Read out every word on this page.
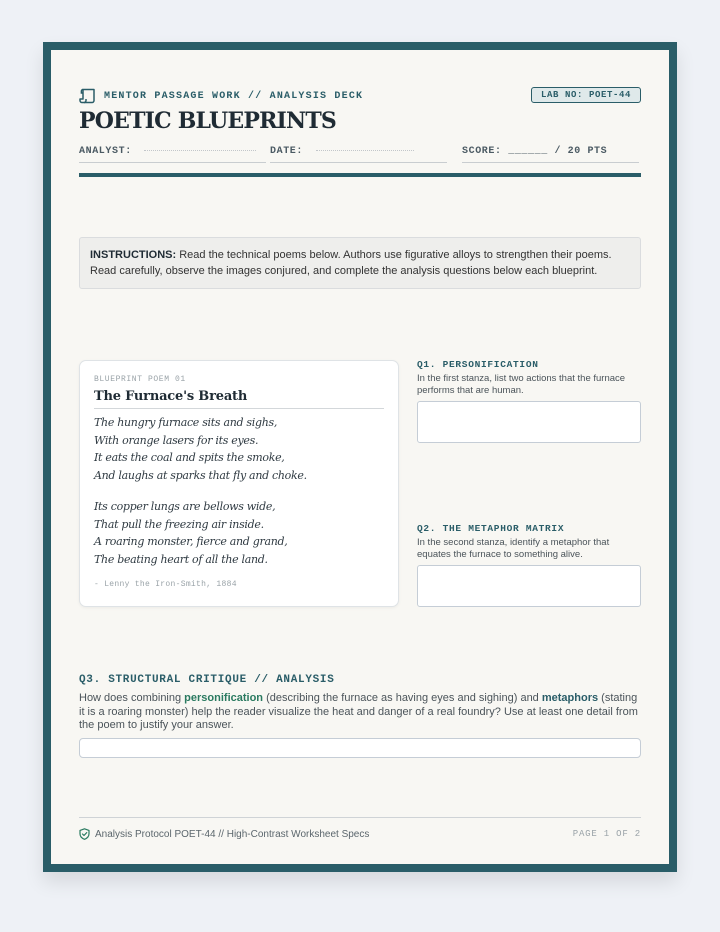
MENTOR PASSAGE WORK // ANALYSIS DECK	LAB NO: POET-44
POETIC BLUEPRINTS
ANALYST:	DATE:	SCORE: ______ / 20 PTS
INSTRUCTIONS: Read the technical poems below. Authors use figurative alloys to strengthen their poems. Read carefully, observe the images conjured, and complete the analysis questions below each blueprint.
BLUEPRINT POEM 01
The Furnace's Breath
The hungry furnace sits and sighs,
With orange lasers for its eyes.
It eats the coal and spits the smoke,
And laughs at sparks that fly and choke.
Its copper lungs are bellows wide,
That pull the freezing air inside.
A roaring monster, fierce and grand,
The beating heart of all the land.
- Lenny the Iron-Smith, 1884
Q1. PERSONIFICATION
In the first stanza, list two actions that the furnace performs that are human.
Q2. THE METAPHOR MATRIX
In the second stanza, identify a metaphor that equates the furnace to something alive.
Q3. STRUCTURAL CRITIQUE // ANALYSIS
How does combining personification (describing the furnace as having eyes and sighing) and metaphors (stating it is a roaring monster) help the reader visualize the heat and danger of a real foundry? Use at least one detail from the poem to justify your answer.
Analysis Protocol POET-44 // High-Contrast Worksheet Specs	PAGE 1 OF 2
